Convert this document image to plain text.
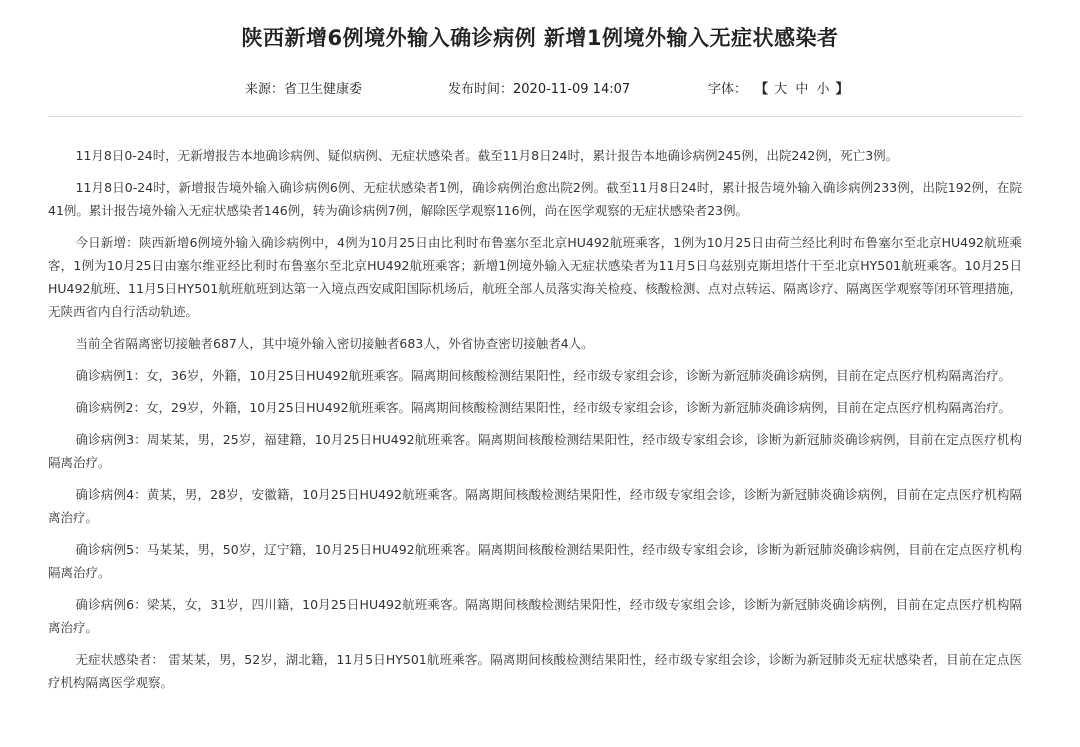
陕西新增6例境外输入确诊病例 新增1例境外输入无症状感染者
来源：省卫生健康委	发布时间：2020-11-09 14:07	字体： 【 大 中 小 】

11月8日0-24时，无新增报告本地确诊病例、疑似病例、无症状感染者。截至11月8日24时，累计报告本地确诊病例245例，出院242例，死亡3例。

11月8日0-24时，新增报告境外输入确诊病例6例、无症状感染者1例，确诊病例治愈出院2例。截至11月8日24时，累计报告境外输入确诊病例233例，出院192例，在院41例。累计报告境外输入无症状感染者146例，转为确诊病例7例，解除医学观察116例，尚在医学观察的无症状感染者23例。

今日新增：陕西新增6例境外输入确诊病例中，4例为10月25日由比利时布鲁塞尔至北京HU492航班乘客，1例为10月25日由荷兰经比利时布鲁塞尔至北京HU492航班乘客，1例为10月25日由塞尔维亚经比利时布鲁塞尔至北京HU492航班乘客；新增1例境外输入无症状感染者为11月5日乌兹别克斯坦塔什干至北京HY501航班乘客。10月25日HU492航班、11月5日HY501航班航班到达第一入境点西安咸阳国际机场后，航班全部人员落实海关检疫、核酸检测、点对点转运、隔离诊疗、隔离医学观察等闭环管理措施，无陕西省内自行活动轨迹。

当前全省隔离密切接触者687人，其中境外输入密切接触者683人，外省协查密切接触者4人。

确诊病例1：女，36岁，外籍，10月25日HU492航班乘客。隔离期间核酸检测结果阳性，经市级专家组会诊，诊断为新冠肺炎确诊病例，目前在定点医疗机构隔离治疗。

确诊病例2：女，29岁，外籍，10月25日HU492航班乘客。隔离期间核酸检测结果阳性，经市级专家组会诊，诊断为新冠肺炎确诊病例，目前在定点医疗机构隔离治疗。

确诊病例3：周某某，男，25岁，福建籍，10月25日HU492航班乘客。隔离期间核酸检测结果阳性，经市级专家组会诊，诊断为新冠肺炎确诊病例，目前在定点医疗机构隔离治疗。

确诊病例4：黄某，男，28岁，安徽籍，10月25日HU492航班乘客。隔离期间核酸检测结果阳性，经市级专家组会诊，诊断为新冠肺炎确诊病例，目前在定点医疗机构隔离治疗。

确诊病例5：马某某，男，50岁，辽宁籍，10月25日HU492航班乘客。隔离期间核酸检测结果阳性，经市级专家组会诊，诊断为新冠肺炎确诊病例，目前在定点医疗机构隔离治疗。

确诊病例6：梁某，女，31岁，四川籍，10月25日HU492航班乘客。隔离期间核酸检测结果阳性，经市级专家组会诊，诊断为新冠肺炎确诊病例，目前在定点医疗机构隔离治疗。

无症状感染者： 雷某某，男，52岁，湖北籍，11月5日HY501航班乘客。隔离期间核酸检测结果阳性，经市级专家组会诊，诊断为新冠肺炎无症状感染者，目前在定点医疗机构隔离医学观察。
